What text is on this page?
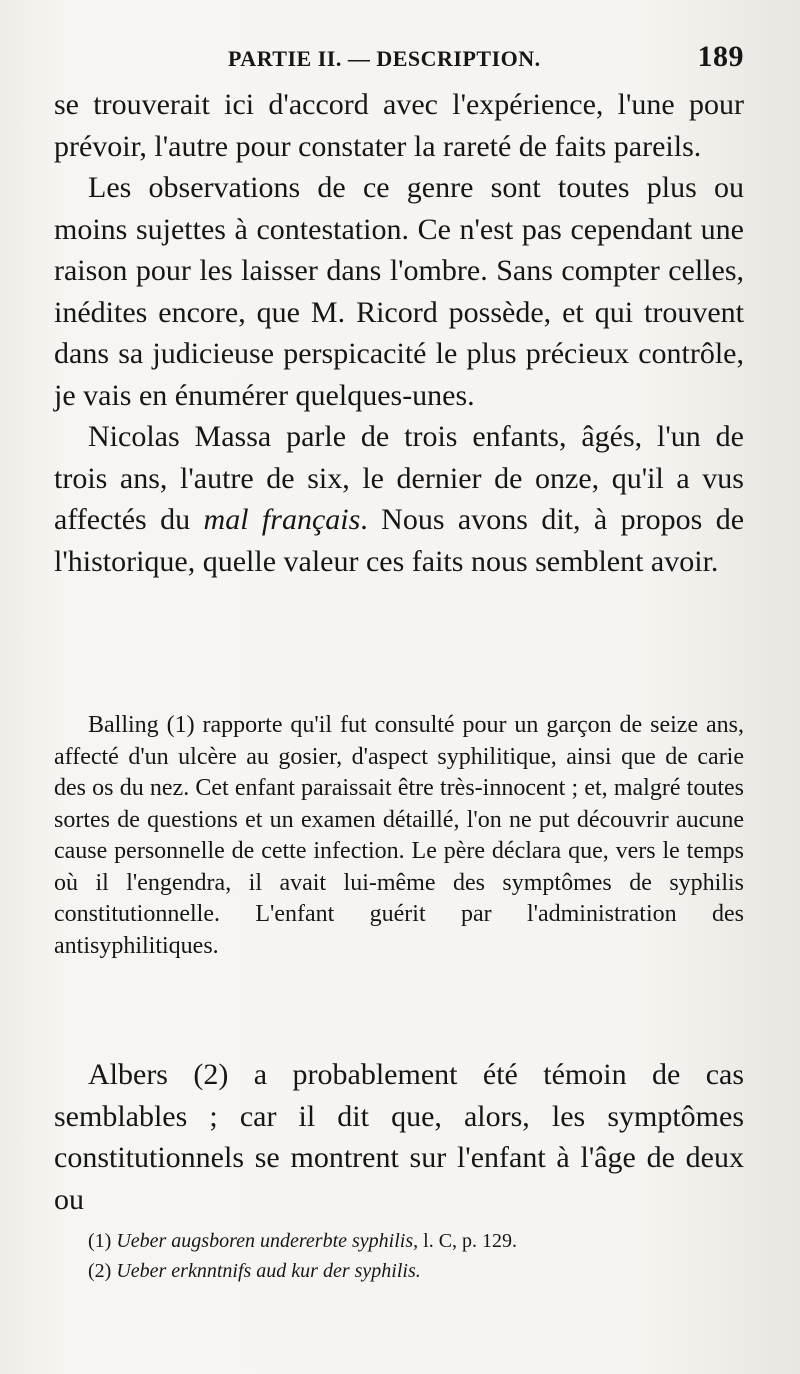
PARTIE II. — DESCRIPTION.	189

se trouverait ici d'accord avec l'expérience, l'une pour prévoir, l'autre pour constater la rareté de faits pareils.

Les observations de ce genre sont toutes plus ou moins sujettes à contestation. Ce n'est pas cependant une raison pour les laisser dans l'ombre. Sans compter celles, inédites encore, que M. Ricord possède, et qui trouvent dans sa judicieuse perspicacité le plus précieux contrôle, je vais en énumérer quelques-unes.

Nicolas Massa parle de trois enfants, âgés, l'un de trois ans, l'autre de six, le dernier de onze, qu'il a vus affectés du mal français. Nous avons dit, à propos de l'historique, quelle valeur ces faits nous semblent avoir.

Balling (1) rapporte qu'il fut consulté pour un garçon de seize ans, affecté d'un ulcère au gosier, d'aspect syphilitique, ainsi que de carie des os du nez. Cet enfant paraissait être très-innocent ; et, malgré toutes sortes de questions et un examen détaillé, l'on ne put découvrir aucune cause personnelle de cette infection. Le père déclara que, vers le temps où il l'engendra, il avait lui-même des symptômes de syphilis constitutionnelle. L'enfant guérit par l'administration des antisyphilitiques.

Albers (2) a probablement été témoin de cas semblables ; car il dit que, alors, les symptômes constitutionnels se montrent sur l'enfant à l'âge de deux ou

(1) Ueber augsboren undererbte syphilis, l. C, p. 129.

(2) Ueber erknntnifs aud kur der syphilis.
